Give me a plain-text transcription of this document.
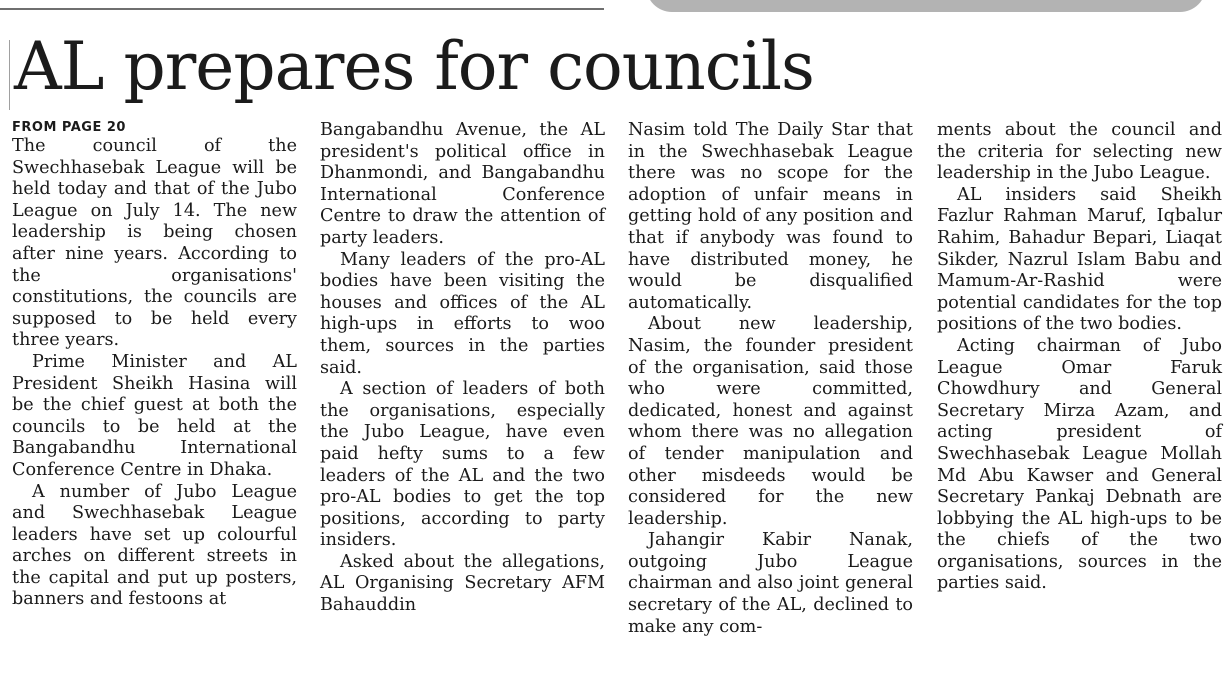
AL prepares for councils
FROM PAGE 20

The council of the Swechhasebak League will be held today and that of the Jubo League on July 14. The new leadership is being chosen after nine years. According to the organisations' constitutions, the councils are supposed to be held every three years.

Prime Minister and AL President Sheikh Hasina will be the chief guest at both the councils to be held at the Bangabandhu International Conference Centre in Dhaka.

A number of Jubo League and Swechhasebak League leaders have set up colourful arches on different streets in the capital and put up posters, banners and festoons at

Bangabandhu Avenue, the AL president's political office in Dhanmondi, and Bangabandhu International Conference Centre to draw the attention of party leaders.

Many leaders of the pro-AL bodies have been visiting the houses and offices of the AL high-ups in efforts to woo them, sources in the parties said.

A section of leaders of both the organisations, especially the Jubo League, have even paid hefty sums to a few leaders of the AL and the two pro-AL bodies to get the top positions, according to party insiders.

Asked about the allegations, AL Organising Secretary AFM Bahauddin

Nasim told The Daily Star that in the Swechhasebak League there was no scope for the adoption of unfair means in getting hold of any position and that if anybody was found to have distributed money, he would be disqualified automatically.

About new leadership, Nasim, the founder president of the organisation, said those who were committed, dedicated, honest and against whom there was no allegation of tender manipulation and other misdeeds would be considered for the new leadership.

Jahangir Kabir Nanak, outgoing Jubo League chairman and also joint general secretary of the AL, declined to make any com-

ments about the council and the criteria for selecting new leadership in the Jubo League.

AL insiders said Sheikh Fazlur Rahman Maruf, Iqbalur Rahim, Bahadur Bepari, Liaqat Sikder, Nazrul Islam Babu and Mamum-Ar-Rashid were potential candidates for the top positions of the two bodies.

Acting chairman of Jubo League Omar Faruk Chowdhury and General Secretary Mirza Azam, and acting president of Swechhasebak League Mollah Md Abu Kawser and General Secretary Pankaj Debnath are lobbying the AL high-ups to be the chiefs of the two organisations, sources in the parties said.
